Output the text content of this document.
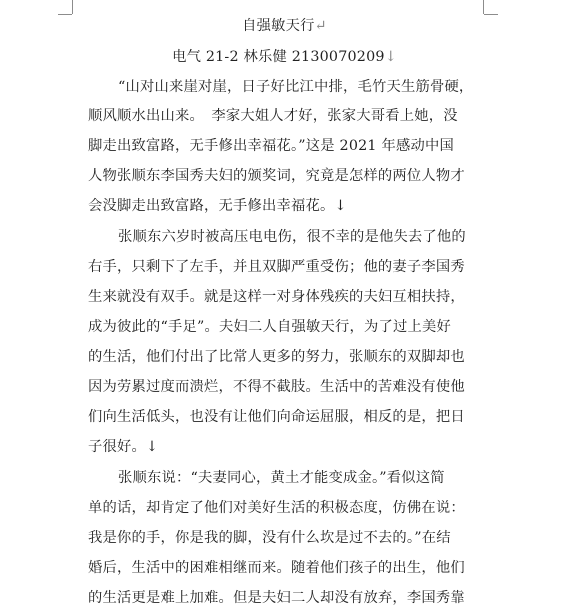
自强敏天行↵
电气 21-2 林乐健 2130070209↓
“山对山来崖对崖，日子好比江中排，毛竹天生筋骨硬，
顺风顺水出山来。　李家大姐人才好，张家大哥看上她，没
脚走出致富路，无手修出幸福花。”这是 2021 年感动中国
人物张顺东李国秀夫妇的颁奖词，究竟是怎样的两位人物才
会没脚走出致富路，无手修出幸福花。↓
张顺东六岁时被高压电电伤，很不幸的是他失去了他的
右手，只剩下了左手，并且双脚严重受伤；他的妻子李国秀
生来就没有双手。就是这样一对身体残疾的夫妇互相扶持，
成为彼此的“手足”。夫妇二人自强敏天行，为了过上美好
的生活，他们付出了比常人更多的努力，张顺东的双脚却也
因为劳累过度而溃烂，不得不截肢。生活中的苦难没有使他
们向生活低头，也没有让他们向命运屈服，相反的是，把日
子很好。↓
张顺东说：“夫妻同心，黄土才能变成金。”看似这简
单的话，却肯定了他们对美好生活的积极态度，仿佛在说：
我是你的手，你是我的脚，没有什么坎是过不去的。”在结
婚后，生活中的困难相继而来。随着他们孩子的出生，他们
的生活更是难上加难。但是夫妇二人却没有放弃，李国秀靠
